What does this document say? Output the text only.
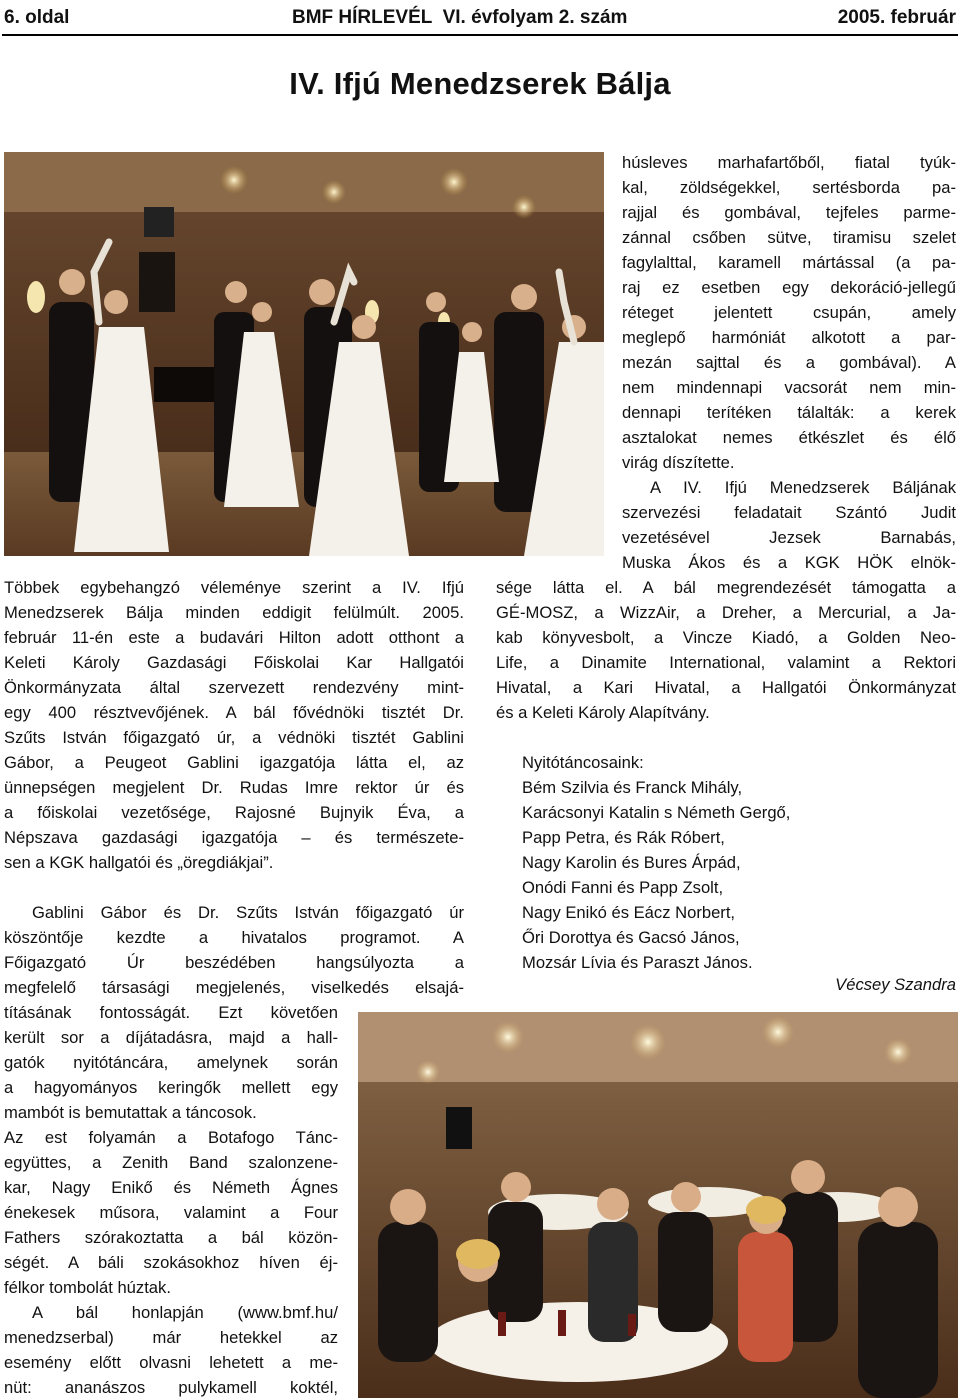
6. oldal	BMF HÍRLEVÉL  VI. évfolyam 2. szám	2005. február
IV. Ifjú Menedzserek Bálja
húsleves marhafartőből, fiatal tyúk-
kal, zöldségekkel, sertésborda pa-
rajjal és gombával, tejfeles parme-
zánnal csőben sütve, tiramisu szelet
fagylalttal, karamell mártással (a pa-
raj ez esetben egy dekoráció-jellegű
réteget jelentett csupán, amely
meglepő harmóniát alkotott a par-
mezán sajttal és a gombával). A
nem mindennapi vacsorát nem min-
dennapi terítéken tálalták: a kerek
asztalokat nemes étkészlet és élő
virág díszítette.
A IV. Ifjú Menedzserek Báljának
szervezési feladatait Szántó Judit
vezetésével Jezsek Barnabás,
Muska Ákos és a KGK HÖK elnök-
Többek egybehangzó véleménye szerint a IV. Ifjú
Menedzserek Bálja minden eddigit felülmúlt. 2005.
február 11-én este a budavári Hilton adott otthont a
Keleti Károly Gazdasági Főiskolai Kar Hallgatói
Önkormányzata által szervezett rendezvény mint-
egy 400 résztvevőjének. A bál fővédnöki tisztét Dr.
Szűts István főigazgató úr, a védnöki tisztét Gablini
Gábor, a Peugeot Gablini igazgatója látta el, az
ünnepségen megjelent Dr. Rudas Imre rektor úr és
a főiskolai vezetősége, Rajosné Bujnyik Éva, a
Népszava gazdasági igazgatója – és természete-
sen a KGK hallgatói és „öregdiákjai”.
sége látta el. A bál megrendezését támogatta a
GÉ-MOSZ, a WizzAir, a Dreher, a Mercurial, a Ja-
kab könyvesbolt, a Vincze Kiadó, a Golden Neo-
Life, a Dinamite International, valamint a Rektori
Hivatal, a Kari Hivatal, a Hallgatói Önkormányzat
és a Keleti Károly Alapítvány.
Nyitótáncosaink:
Bém Szilvia és Franck Mihály,
Karácsonyi Katalin s Németh Gergő,
Papp Petra, és Rák Róbert,
Nagy Karolin és Bures Árpád,
Onódi Fanni és Papp Zsolt,
Nagy Enikó és Eácz Norbert,
Őri Dorottya és Gacsó János,
Mozsár Lívia és Paraszt János.
Vécsey Szandra
Gablini Gábor és Dr. Szűts István főigazgató úr
köszöntője kezdte a hivatalos programot. A
Főigazgató Úr beszédében hangsúlyozta a
megfelelő társasági megjelenés, viselkedés elsajá-
tításának fontosságát. Ezt követően
került sor a díjátadásra, majd a hall-
gatók nyitótáncára, amelynek során
a hagyományos keringők mellett egy
mambót is bemutattak a táncosok.
Az est folyamán a Botafogo Tánc-
együttes, a Zenith Band szalonzene-
kar, Nagy Enikő és Németh Ágnes
énekesek műsora, valamint a Four
Fathers szórakoztatta a bál közön-
ségét. A báli szokásokhoz híven éj-
félkor tombolát húztak.
A bál honlapján (www.bmf.hu/
menedzserbal) már hetekkel az
esemény előtt olvasni lehetett a me-
nüt: ananászos pulykamell koktél,
